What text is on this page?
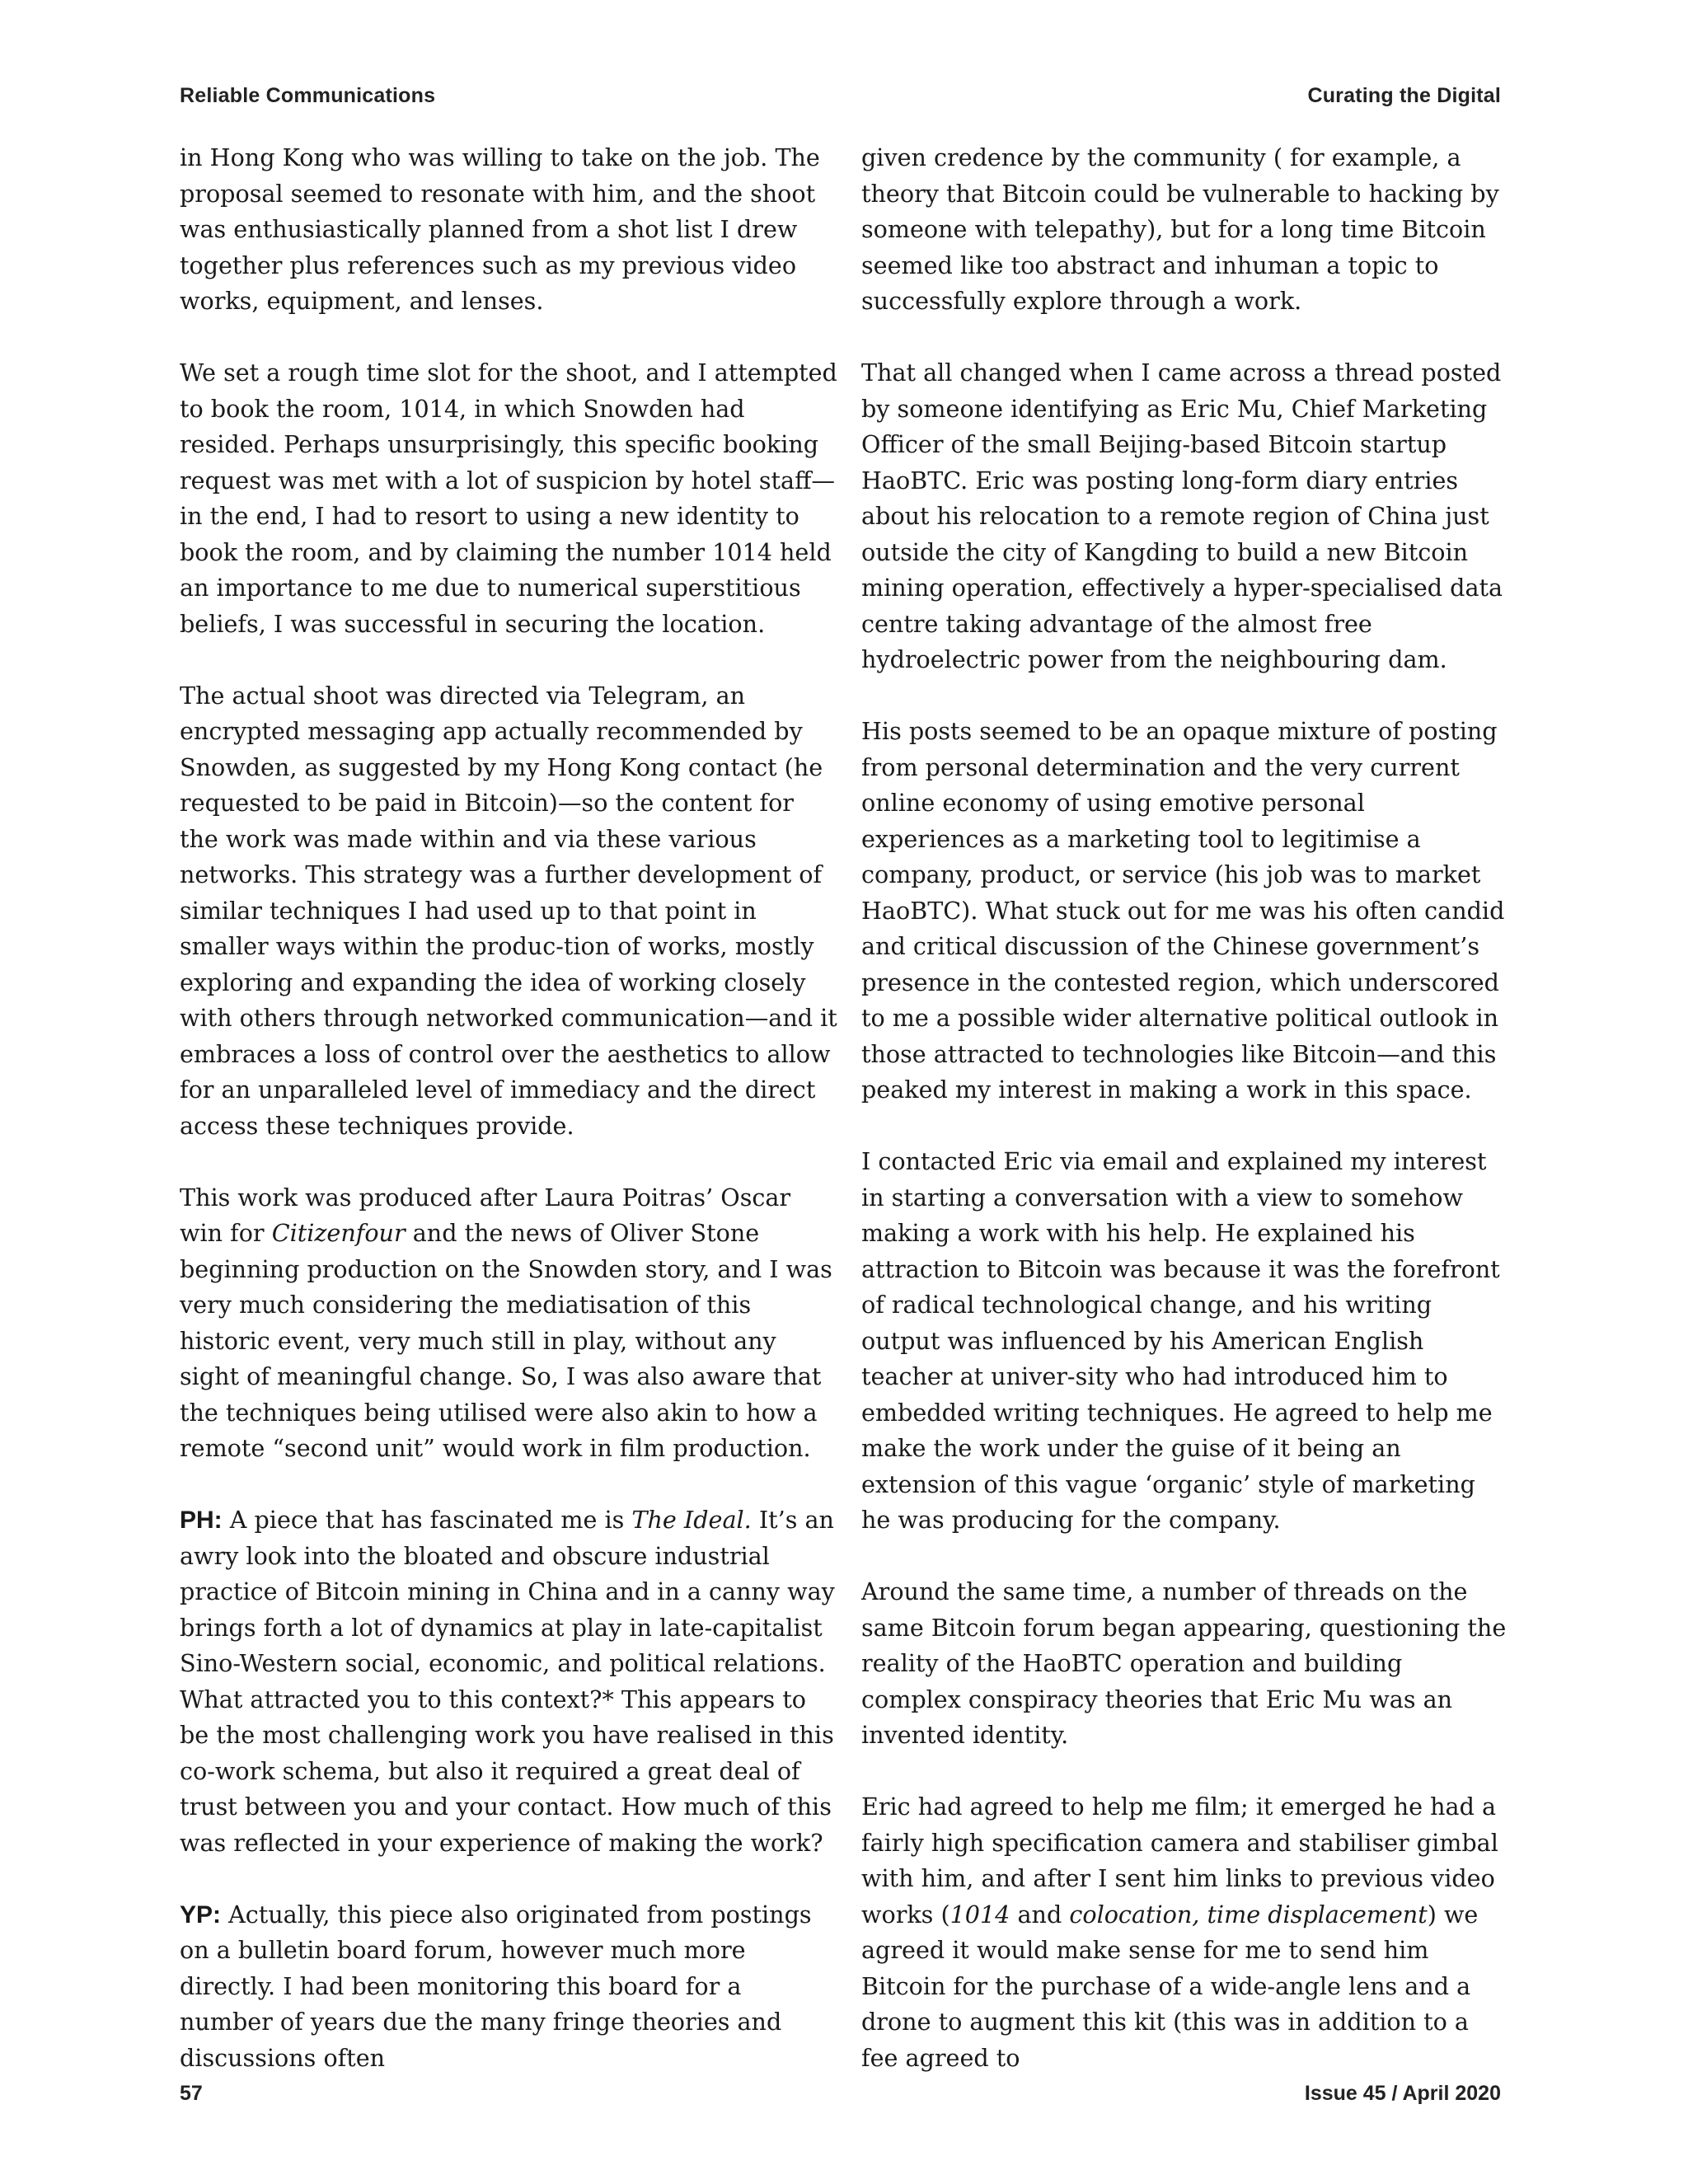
Reliable Communications	Curating the Digital

in Hong Kong who was willing to take on the job. The proposal seemed to resonate with him, and the shoot was enthusiastically planned from a shot list I drew together plus references such as my previous video works, equipment, and lenses.

We set a rough time slot for the shoot, and I attempted to book the room, 1014, in which Snowden had resided. Perhaps unsurprisingly, this specific booking request was met with a lot of suspicion by hotel staff—in the end, I had to resort to using a new identity to book the room, and by claiming the number 1014 held an importance to me due to numerical superstitious beliefs, I was successful in securing the location.

The actual shoot was directed via Telegram, an encrypted messaging app actually recommended by Snowden, as suggested by my Hong Kong contact (he requested to be paid in Bitcoin)—so the content for the work was made within and via these various networks. This strategy was a further development of similar techniques I had used up to that point in smaller ways within the produc-tion of works, mostly exploring and expanding the idea of working closely with others through networked communication—and it embraces a loss of control over the aesthetics to allow for an unparalleled level of immediacy and the direct access these techniques provide.

This work was produced after Laura Poitras’ Oscar win for Citizenfour and the news of Oliver Stone beginning production on the Snowden story, and I was very much considering the mediatisation of this historic event, very much still in play, without any sight of meaningful change. So, I was also aware that the techniques being utilised were also akin to how a remote “second unit” would work in film production.

PH: A piece that has fascinated me is The Ideal. It’s an awry look into the bloated and obscure industrial practice of Bitcoin mining in China and in a canny way brings forth a lot of dynamics at play in late-capitalist Sino-Western social, economic, and political relations. What attracted you to this context?* This appears to be the most challenging work you have realised in this co-work schema, but also it required a great deal of trust between you and your contact. How much of this was reflected in your experience of making the work?

YP: Actually, this piece also originated from postings on a bulletin board forum, however much more directly. I had been monitoring this board for a number of years due the many fringe theories and discussions often

given credence by the community ( for example, a theory that Bitcoin could be vulnerable to hacking by someone with telepathy), but for a long time Bitcoin seemed like too abstract and inhuman a topic to successfully explore through a work.

That all changed when I came across a thread posted by someone identifying as Eric Mu, Chief Marketing Officer of the small Beijing-based Bitcoin startup HaoBTC. Eric was posting long-form diary entries about his relocation to a remote region of China just outside the city of Kangding to build a new Bitcoin mining operation, effectively a hyper-specialised data centre taking advantage of the almost free hydroelectric power from the neighbouring dam.

His posts seemed to be an opaque mixture of posting from personal determination and the very current online economy of using emotive personal experiences as a marketing tool to legitimise a company, product, or service (his job was to market HaoBTC). What stuck out for me was his often candid and critical discussion of the Chinese government’s presence in the contested region, which underscored to me a possible wider alternative political outlook in those attracted to technologies like Bitcoin—and this peaked my interest in making a work in this space.

I contacted Eric via email and explained my interest in starting a conversation with a view to somehow making a work with his help. He explained his attraction to Bitcoin was because it was the forefront of radical technological change, and his writing output was influenced by his American English teacher at univer-sity who had introduced him to embedded writing techniques. He agreed to help me make the work under the guise of it being an extension of this vague ‘organic’ style of marketing he was producing for the company.

Around the same time, a number of threads on the same Bitcoin forum began appearing, questioning the reality of the HaoBTC operation and building complex conspiracy theories that Eric Mu was an invented identity.

Eric had agreed to help me film; it emerged he had a fairly high specification camera and stabiliser gimbal with him, and after I sent him links to previous video works (1014 and colocation, time displacement) we agreed it would make sense for me to send him Bitcoin for the purchase of a wide-angle lens and a drone to augment this kit (this was in addition to a fee agreed to

57	Issue 45 / April 2020
